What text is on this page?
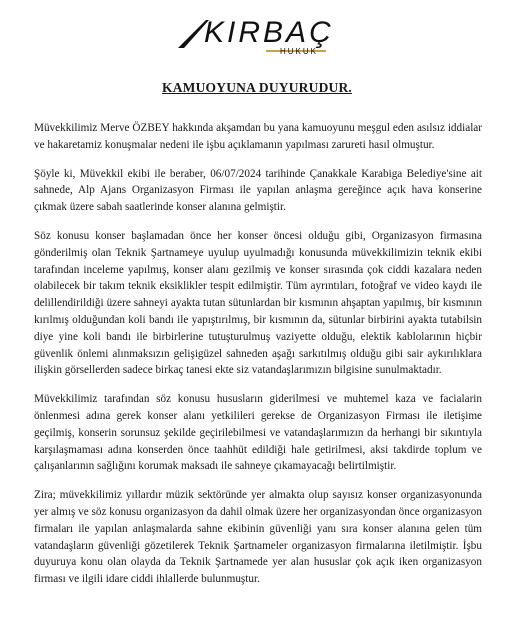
KIRBAÇ
HUKUK
KAMUOYUNA DUYURUDUR.

Müvekkilimiz Merve ÖZBEY hakkında akşamdan bu yana kamuoyunu meşgul eden asılsız iddialar ve hakaretamiz konuşmalar nedeni ile işbu açıklamanın yapılması zarureti hasıl olmuştur.

Şöyle ki, Müvekkil ekibi ile beraber, 06/07/2024 tarihinde Çanakkale Karabiga Belediye'sine ait sahnede, Alp Ajans Organizasyon Firması ile yapılan anlaşma gereğince açık hava konserine çıkmak üzere sabah saatlerinde konser alanına gelmiştir.

Söz konusu konser başlamadan önce her konser öncesi olduğu gibi, Organizasyon firmasına gönderilmiş olan Teknik Şartnameye uyulup uyulmadığı konusunda müvekkilimizin teknik ekibi tarafından inceleme yapılmış, konser alanı gezilmiş ve konser sırasında çok ciddi kazalara neden olabilecek bir takım teknik eksiklikler tespit edilmiştir. Tüm ayrıntıları, fotoğraf ve video kaydı ile delillendirildiği üzere sahneyi ayakta tutan sütunlardan bir kısmının ahşaptan yapılmış, bir kısmının kırılmış olduğundan koli bandı ile yapıştırılmış, bir kısmının da, sütunlar birbirini ayakta tutabilsin diye yine koli bandı ile birbirlerine tutuşturulmuş vaziyette olduğu, elektik kablolarının hiçbir güvenlik önlemi alınmaksızın gelişigüzel sahneden aşağı sarkıtılmış olduğu gibi sair aykırılıklara ilişkin görsellerden sadece birkaç tanesi ekte siz vatandaşlarımızın bilgisine sunulmaktadır.

Müvekkilimiz tarafından söz konusu hususların giderilmesi ve muhtemel kaza ve facialarin önlenmesi adına gerek konser alanı yetkilileri gerekse de Organizasyon Firması ile iletişime geçilmiş, konserin sorunsuz şekilde geçirilebilmesi ve vatandaşlarımızın da herhangi bir sıkıntıyla karşılaşmaması adına konserden önce taahhüt edildiği hale getirilmesi, aksi takdirde toplum ve çalışanlarının sağlığını korumak maksadı ile sahneye çıkamayacağı belirtilmiştir.

Zira; müvekkilimiz yıllardır müzik sektöründe yer almakta olup sayısız konser organizasyonunda yer almış ve söz konusu organizasyon da dahil olmak üzere her organizasyondan önce organizasyon firmaları ile yapılan anlaşmalarda sahne ekibinin güvenliği yanı sıra konser alanına gelen tüm vatandaşların güvenliği gözetilerek Teknik Şartnameler organizasyon firmalarına iletilmiştir. İşbu duyuruya konu olan olayda da Teknik Şartnamede yer alan hususlar çok açık iken organizasyon firması ve ilgili idare ciddi ihlallerde bulunmuştur.
